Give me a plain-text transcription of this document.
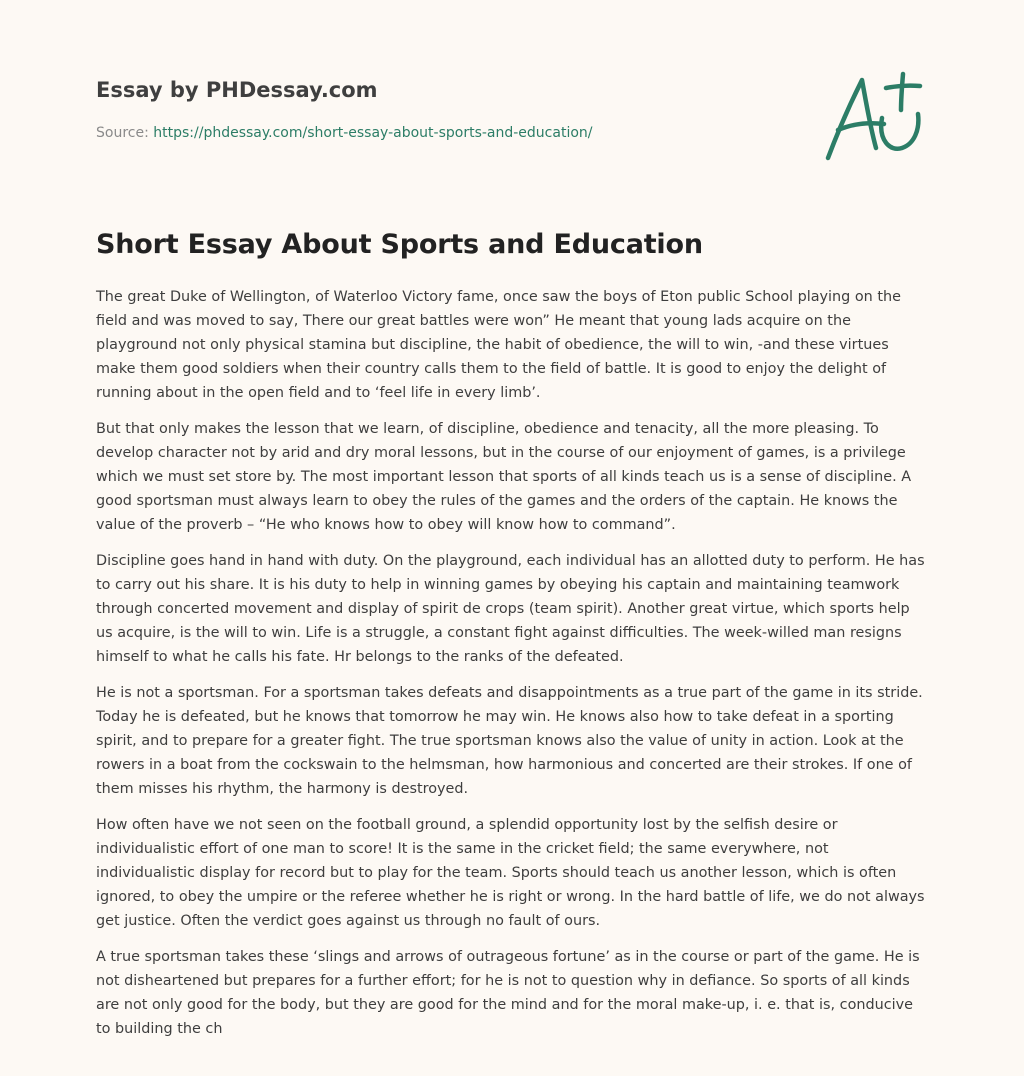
Essay by PHDessay.com
Source: https://phdessay.com/short-essay-about-sports-and-education/
Short Essay About Sports and Education

The great Duke of Wellington, of Waterloo Victory fame, once saw the boys of Eton public School playing on the field and was moved to say, There our great battles were won” He meant that young lads acquire on the playground not only physical stamina but discipline, the habit of obedience, the will to win, -and these virtues make them good soldiers when their country calls them to the field of battle. It is good to enjoy the delight of running about in the open field and to ‘feel life in every limb’.

But that only makes the lesson that we learn, of discipline, obedience and tenacity, all the more pleasing. To develop character not by arid and dry moral lessons, but in the course of our enjoyment of games, is a privilege which we must set store by. The most important lesson that sports of all kinds teach us is a sense of discipline. A good sportsman must always learn to obey the rules of the games and the orders of the captain. He knows the value of the proverb – “He who knows how to obey will know how to command”.

Discipline goes hand in hand with duty. On the playground, each individual has an allotted duty to perform. He has to carry out his share. It is his duty to help in winning games by obeying his captain and maintaining teamwork through concerted movement and display of spirit de crops (team spirit). Another great virtue, which sports help us acquire, is the will to win. Life is a struggle, a constant fight against difficulties. The week-willed man resigns himself to what he calls his fate. Hr belongs to the ranks of the defeated.

He is not a sportsman. For a sportsman takes defeats and disappointments as a true part of the game in its stride. Today he is defeated, but he knows that tomorrow he may win. He knows also how to take defeat in a sporting spirit, and to prepare for a greater fight. The true sportsman knows also the value of unity in action. Look at the rowers in a boat from the cockswain to the helmsman, how harmonious and concerted are their strokes. If one of them misses his rhythm, the harmony is destroyed.

How often have we not seen on the football ground, a splendid opportunity lost by the selfish desire or individualistic effort of one man to score! It is the same in the cricket field; the same everywhere, not individualistic display for record but to play for the team. Sports should teach us another lesson, which is often ignored, to obey the umpire or the referee whether he is right or wrong. In the hard battle of life, we do not always get justice. Often the verdict goes against us through no fault of ours.

A true sportsman takes these ‘slings and arrows of outrageous fortune’ as in the course or part of the game. He is not disheartened but prepares for a further effort; for he is not to question why in defiance. So sports of all kinds are not only good for the body, but they are good for the mind and for the moral make-up, i. e. that is, conducive to building the ch
